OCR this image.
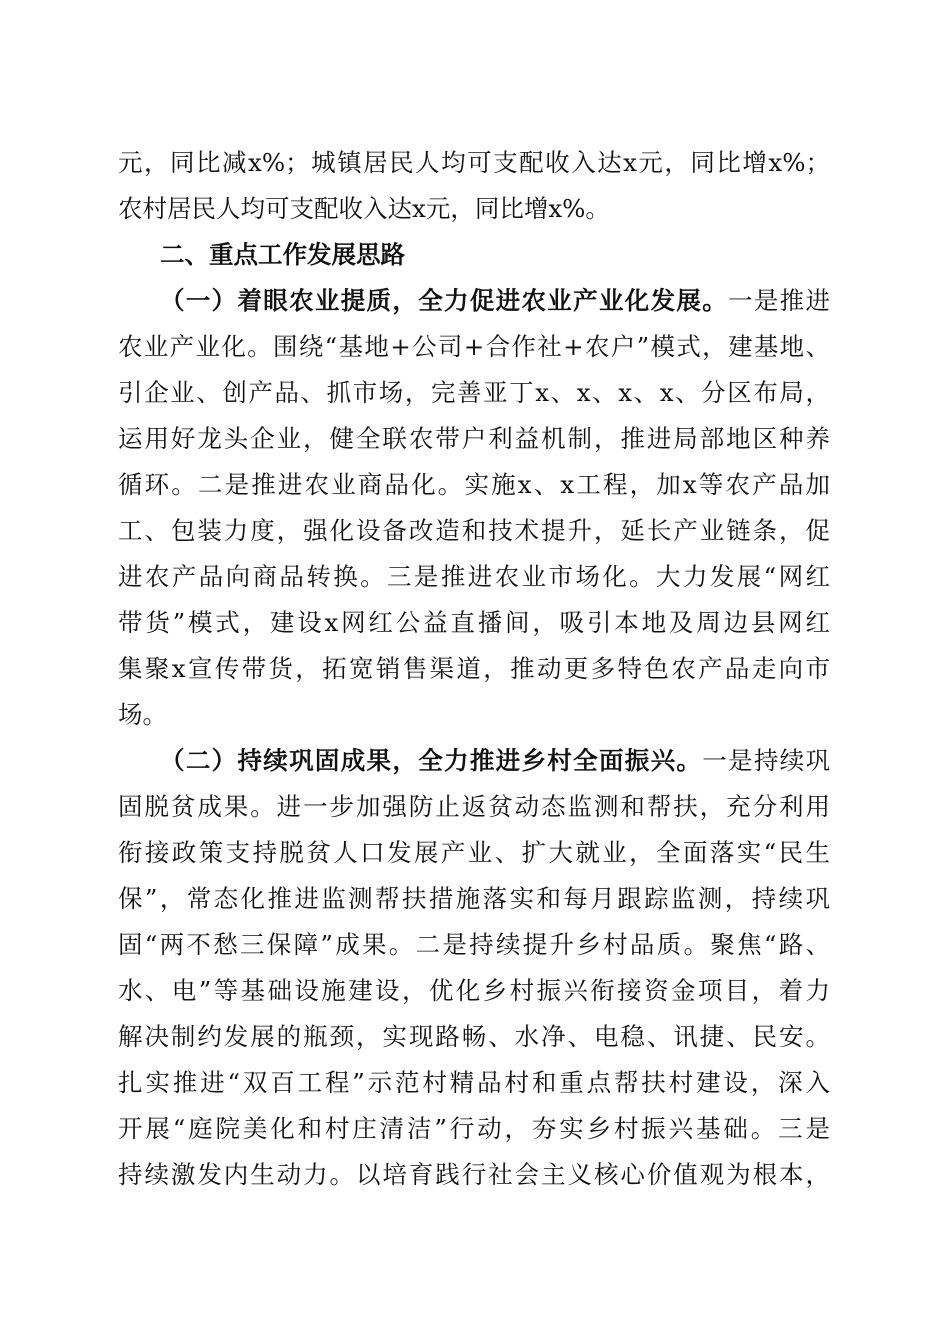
元，同比减x%；城镇居民人均可支配收入达x元，同比增x%；
农村居民人均可支配收入达x元，同比增x%。
二、重点工作发展思路
（一）着眼农业提质，全力促进农业产业化发展。一是推进
农业产业化。围绕“基地+公司+合作社+农户”模式，建基地、
引企业、创产品、抓市场，完善亚丁x、x、x、x、分区布局，
运用好龙头企业，健全联农带户利益机制，推进局部地区种养
循环。二是推进农业商品化。实施x、x工程，加x等农产品加
工、包装力度，强化设备改造和技术提升，延长产业链条，促
进农产品向商品转换。三是推进农业市场化。大力发展“网红
带货”模式，建设x网红公益直播间，吸引本地及周边县网红
集聚x宣传带货，拓宽销售渠道，推动更多特色农产品走向市
场。
（二）持续巩固成果，全力推进乡村全面振兴。一是持续巩
固脱贫成果。进一步加强防止返贫动态监测和帮扶，充分利用
衔接政策支持脱贫人口发展产业、扩大就业，全面落实“民生
保”，常态化推进监测帮扶措施落实和每月跟踪监测，持续巩
固“两不愁三保障”成果。二是持续提升乡村品质。聚焦“路、
水、电”等基础设施建设，优化乡村振兴衔接资金项目，着力
解决制约发展的瓶颈，实现路畅、水净、电稳、讯捷、民安。
扎实推进“双百工程”示范村精品村和重点帮扶村建设，深入
开展“庭院美化和村庄清洁”行动，夯实乡村振兴基础。三是
持续激发内生动力。以培育践行社会主义核心价值观为根本，
